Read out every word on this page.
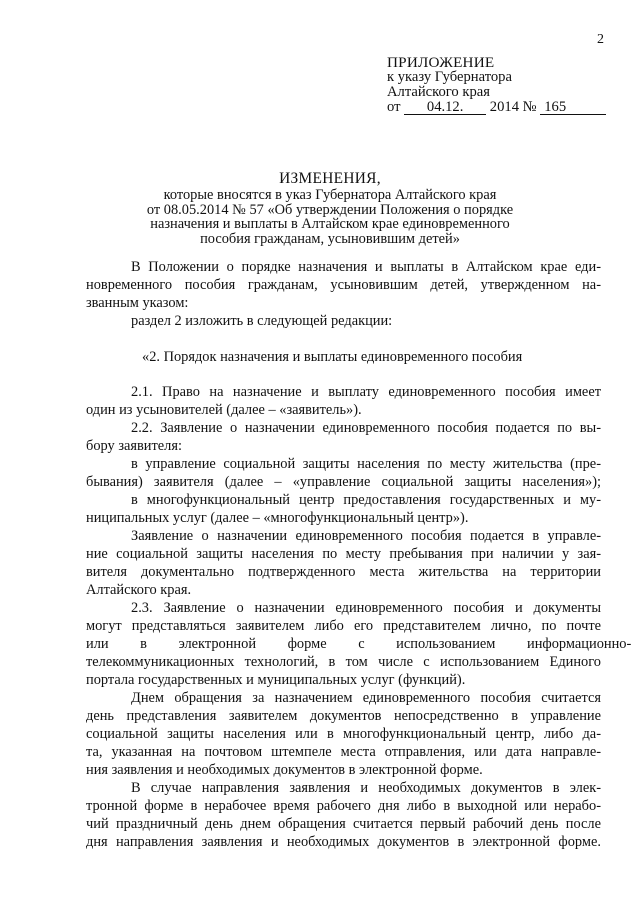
2
ПРИЛОЖЕНИЕ
к указу Губернатора
Алтайского края
от 04.12. 2014 № 165
ИЗМЕНЕНИЯ,
которые вносятся в указ Губернатора Алтайского края
от 08.05.2014 № 57 «Об утверждении Положения о порядке
назначения и выплаты в Алтайском крае единовременного
пособия гражданам, усыновившим детей»
В Положении о порядке назначения и выплаты в Алтайском крае еди-
новременного пособия гражданам, усыновившим детей, утвержденном на-
званным указом:
раздел 2 изложить в следующей редакции:
«2. Порядок назначения и выплаты единовременного пособия
2.1. Право на назначение и выплату единовременного пособия имеет
один из усыновителей (далее – «заявитель»).
2.2. Заявление о назначении единовременного пособия подается по вы-
бору заявителя:
в управление социальной защиты населения по месту жительства (пре-
бывания) заявителя (далее – «управление социальной защиты населения»);
в многофункциональный центр предоставления государственных и му-
ниципальных услуг (далее – «многофункциональный центр»).
Заявление о назначении единовременного пособия подается в управле-
ние социальной защиты населения по месту пребывания при наличии у зая-
вителя документально подтвержденного места жительства на территории
Алтайского края.
2.3. Заявление о назначении единовременного пособия и документы
могут представляться заявителем либо его представителем лично, по почте
или в электронной форме с использованием информационно-
телекоммуникационных технологий, в том числе с использованием Единого
портала государственных и муниципальных услуг (функций).
Днем обращения за назначением единовременного пособия считается
день представления заявителем документов непосредственно в управление
социальной защиты населения или в многофункциональный центр, либо да-
та, указанная на почтовом штемпеле места отправления, или дата направле-
ния заявления и необходимых документов в электронной форме.
В случае направления заявления и необходимых документов в элек-
тронной форме в нерабочее время рабочего дня либо в выходной или нерабо-
чий праздничный день днем обращения считается первый рабочий день после
дня направления заявления и необходимых документов в электронной форме.
